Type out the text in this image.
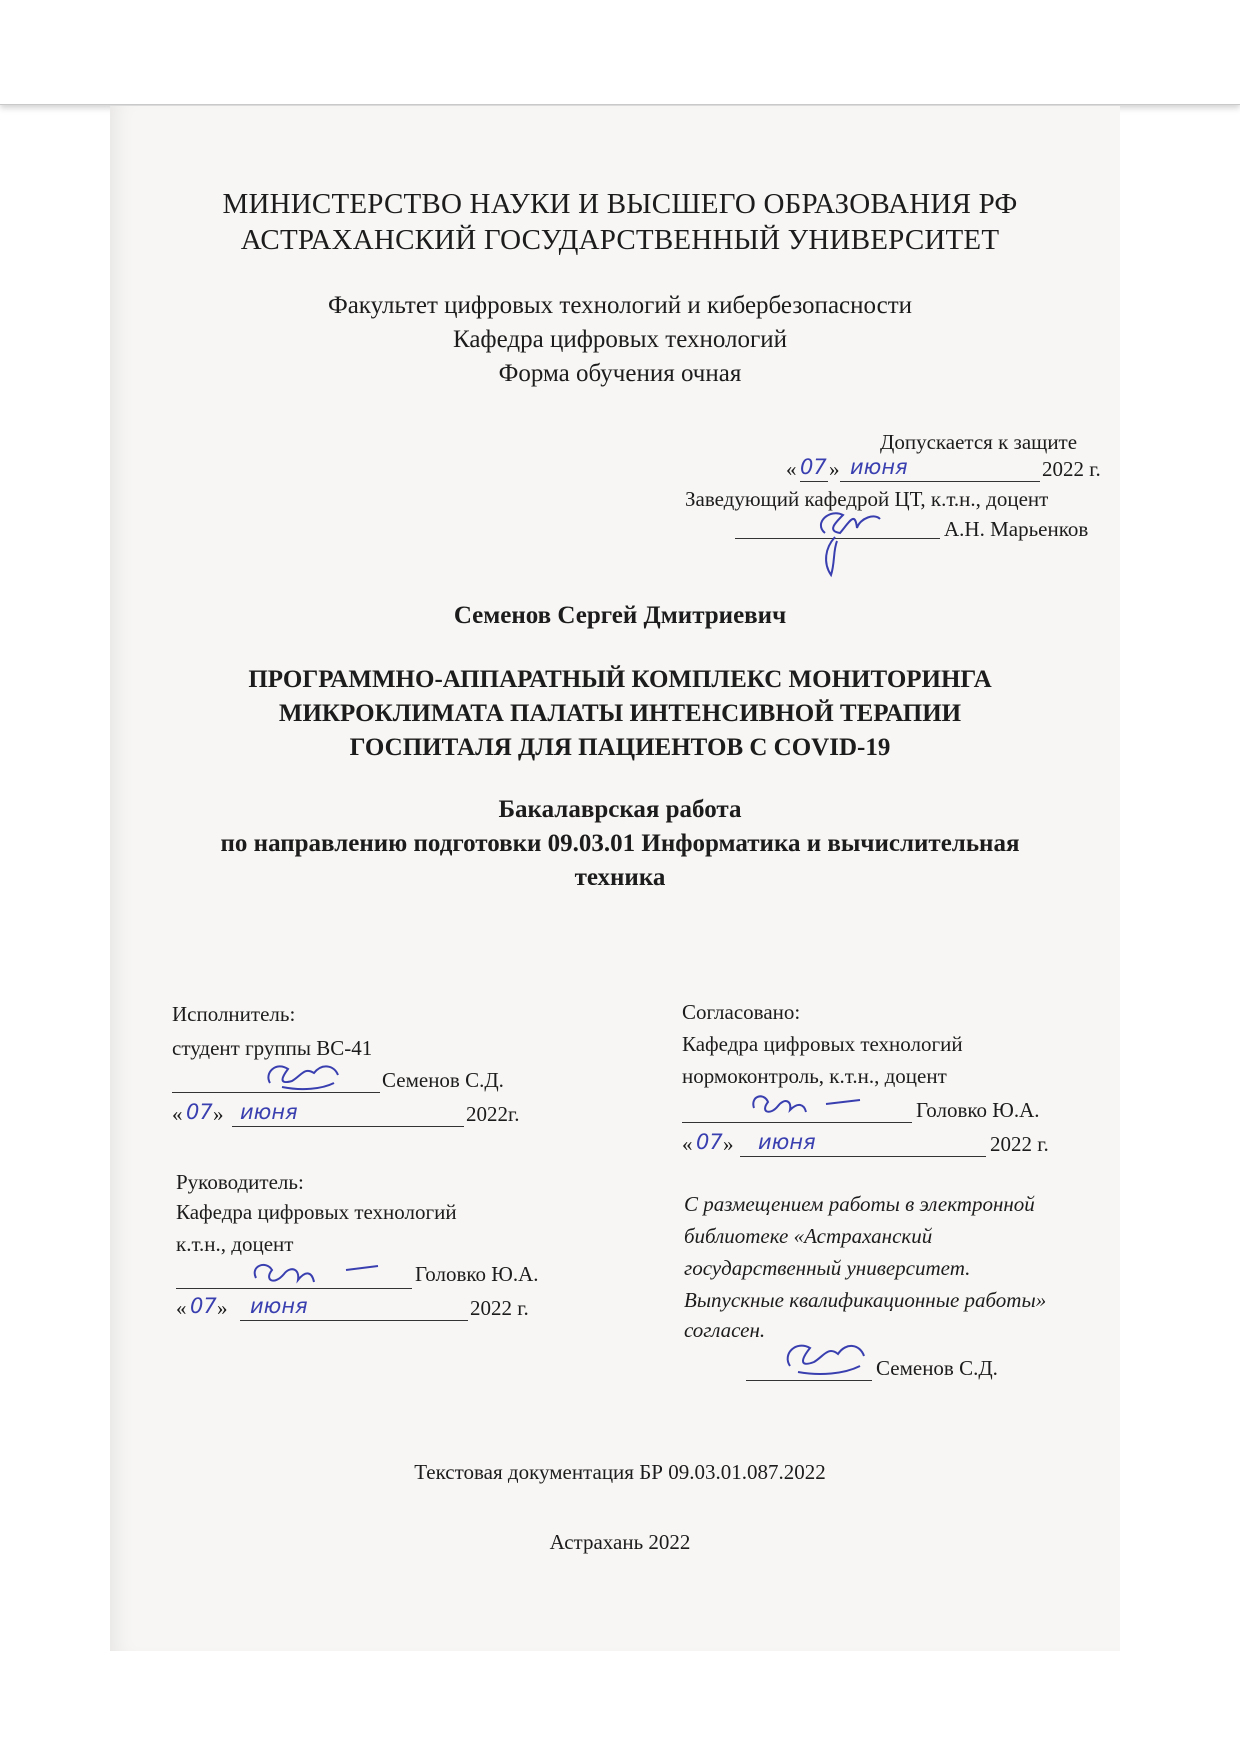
МИНИСТЕРСТВО НАУКИ И ВЫСШЕГО ОБРАЗОВАНИЯ РФ
АСТРАХАНСКИЙ ГОСУДАРСТВЕННЫЙ УНИВЕРСИТЕТ
Факультет цифровых технологий и кибербезопасности
Кафедра цифровых технологий
Форма обучения очная
Допускается к защите
« 07 » июня	2022 г.
Заведующий кафедрой ЦТ, к.т.н., доцент
А.Н. Марьенков
Семенов Сергей Дмитриевич
ПРОГРАММНО-АППАРАТНЫЙ КОМПЛЕКС МОНИТОРИНГА
МИКРОКЛИМАТА ПАЛАТЫ ИНТЕНСИВНОЙ ТЕРАПИИ
ГОСПИТАЛЯ ДЛЯ ПАЦИЕНТОВ С COVID-19
Бакалаврская работа
по направлению подготовки 09.03.01 Информатика и вычислительная
техника
Исполнитель:
студент группы ВС-41
Семенов С.Д.
« 07 » июня	2022г.
Руководитель:
Кафедра цифровых технологий
к.т.н., доцент
Головко Ю.А.
« 07 » июня	2022 г.
Согласовано:
Кафедра цифровых технологий
нормоконтроль, к.т.н., доцент
Головко Ю.А.
« 07 » июня	2022 г.
С размещением работы в электронной
библиотеке «Астраханский
государственный университет.
Выпускные квалификационные работы»
согласен.
Семенов С.Д.
Текстовая документация БР 09.03.01.087.2022
Астрахань 2022
